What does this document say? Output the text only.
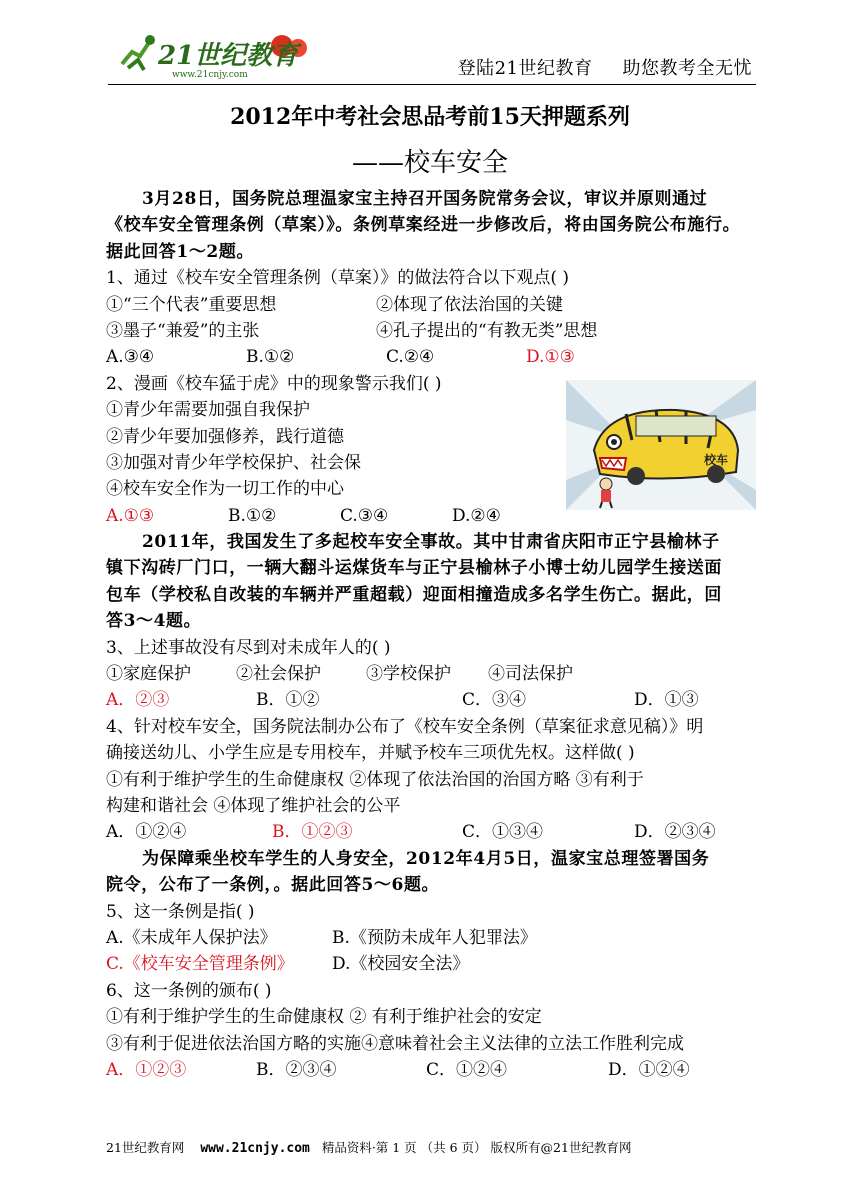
21世纪教育
www.21cnjy.com	登陆21世纪教育 助您教考全无忧
2012年中考社会思品考前15天押题系列
——校车安全
3月28日，国务院总理温家宝主持召开国务院常务会议，审议并原则通过
《校车安全管理条例（草案）》。条例草案经进一步修改后，将由国务院公布施行。
据此回答1～2题。
1、通过《校车安全管理条例（草案）》的做法符合以下观点( )
①“三个代表”重要思想	②体现了依法治国的关键
③墨子“兼爱”的主张	④孔子提出的“有教无类”思想
A.③④	B.①②	C.②④	D.①③
2、漫画《校车猛于虎》中的现象警示我们( )
①青少年需要加强自我保护
②青少年要加强修养，践行道德
③加强对青少年学校保护、社会保
④校车安全作为一切工作的中心
A.①③	B.①②	C.③④	D.②④
2011年，我国发生了多起校车安全事故。其中甘肃省庆阳市正宁县榆林子
镇下沟砖厂门口，一辆大翻斗运煤货车与正宁县榆林子小博士幼儿园学生接送面
包车（学校私自改装的车辆并严重超载）迎面相撞造成多名学生伤亡。据此，回
答3～4题。
3、上述事故没有尽到对未成年人的( )
①家庭保护	②社会保护	③学校保护	④司法保护
A．②③	B．①②	C．③④	D．①③
4、针对校车安全，国务院法制办公布了《校车安全条例（草案征求意见稿）》明
确接送幼儿、小学生应是专用校车，并赋予校车三项优先权。这样做( )
①有利于维护学生的生命健康权 ②体现了依法治国的治国方略 ③有利于
构建和谐社会 ④体现了维护社会的公平
A．①②④	B．①②③	C．①③④	D．②③④
为保障乘坐校车学生的人身安全，2012年4月5日，温家宝总理签署国务
院令，公布了一条例，。据此回答5～6题。
5、这一条例是指( )
A.《未成年人保护法》	B.《预防未成年人犯罪法》
C.《校车安全管理条例》	D.《校园安全法》
6、这一条例的颁布( )
①有利于维护学生的生命健康权 ② 有利于维护社会的安定
③有利于促进依法治国方略的实施④意味着社会主义法律的立法工作胜利完成
A．①②③	B．②③④	C．①②④	D．①②④
校车
21世纪教育网 www.21cnjy.com 精品资料·第 1 页 （共 6 页） 版权所有@21世纪教育网
